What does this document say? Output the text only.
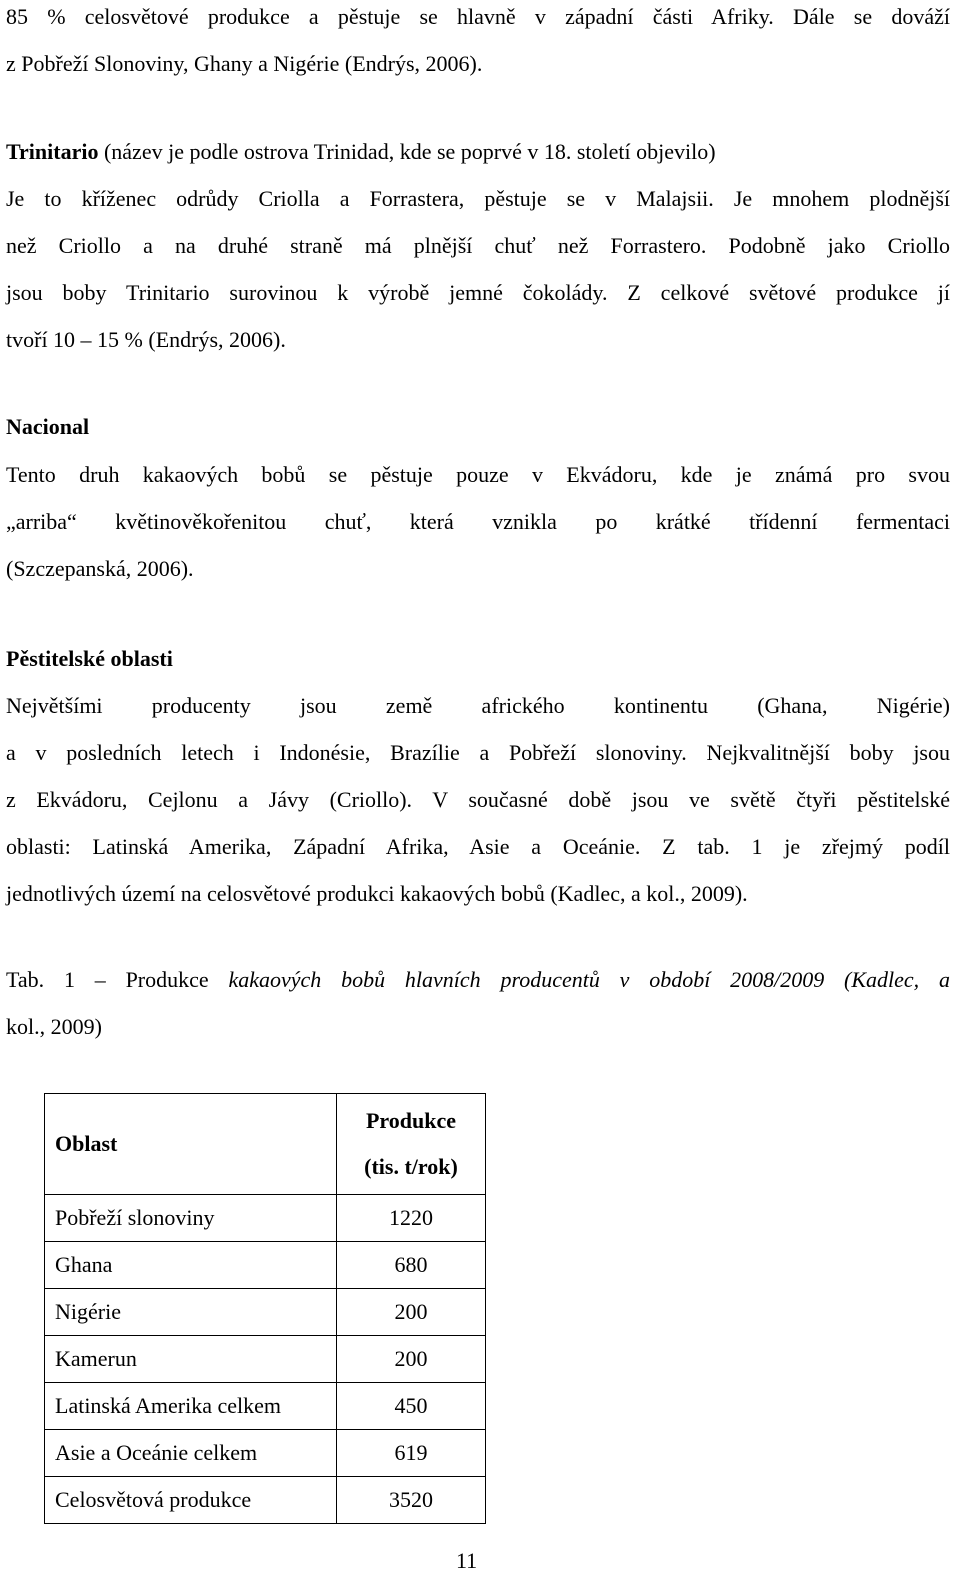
85 % celosvětové produkce a pěstuje se hlavně v západní části Afriky. Dále se dováží
z Pobřeží Slonoviny, Ghany a Nigérie (Endrýs, 2006).
Trinitario (název je podle ostrova Trinidad, kde se poprvé v 18. století objevilo)
Je to kříženec odrůdy Criolla a Forrastera, pěstuje se v Malajsii. Je mnohem plodnější
než Criollo a na druhé straně má plnější chuť než Forrastero. Podobně jako Criollo
jsou boby Trinitario surovinou k výrobě jemné čokolády. Z celkové světové produkce jí
tvoří 10 – 15 % (Endrýs, 2006).
Nacional
Tento druh kakaových bobů se pěstuje pouze v Ekvádoru, kde je známá pro svou
„arriba“ květinověkořenitou chuť, která vznikla po krátké třídenní fermentaci
(Szczepanská, 2006).
Pěstitelské oblasti
Největšími producenty jsou země afrického kontinentu (Ghana, Nigérie)
a v posledních letech i Indonésie, Brazílie a Pobřeží slonoviny. Nejkvalitnější boby jsou
z Ekvádoru, Cejlonu a Jávy (Criollo). V současné době jsou ve světě čtyři pěstitelské
oblasti: Latinská Amerika, Západní Afrika, Asie a Oceánie. Z tab. 1 je zřejmý podíl
jednotlivých území na celosvětové produkci kakaových bobů (Kadlec, a kol., 2009).
Tab. 1 – Produkce kakaových bobů hlavních producentů v období 2008/2009 (Kadlec, a
kol., 2009)
Oblast	Produkce
(tis. t/rok)
Pobřeží slonoviny	1220
Ghana	680
Nigérie	200
Kamerun	200
Latinská Amerika celkem	450
Asie a Oceánie celkem	619
Celosvětová produkce	3520
11
